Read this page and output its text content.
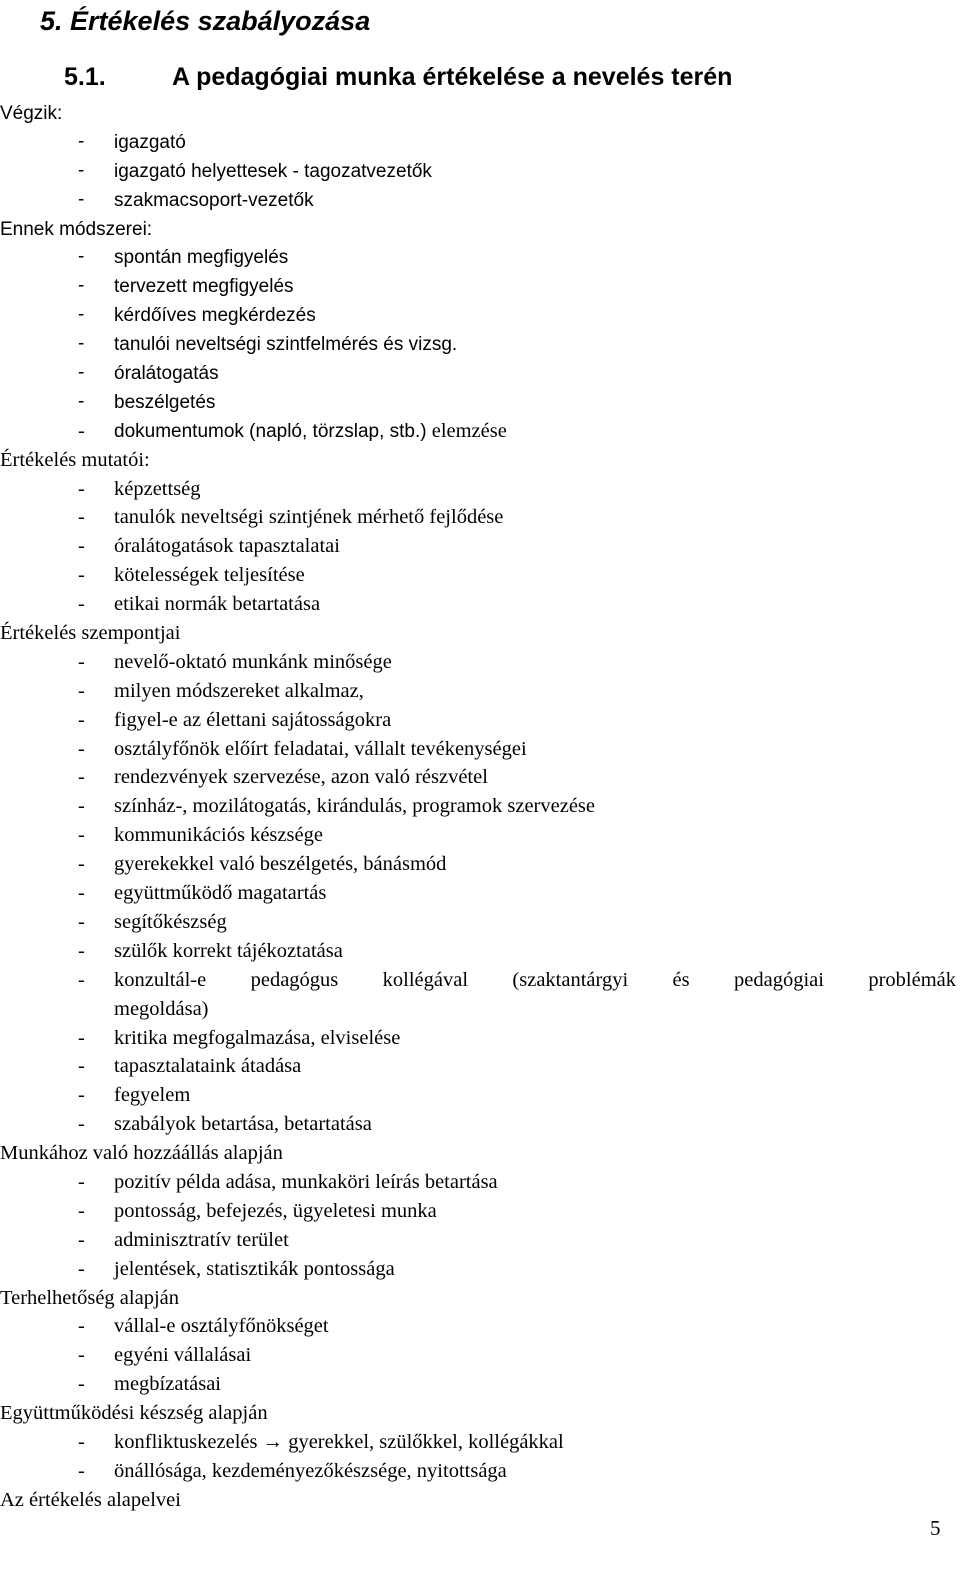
5. Értékelés szabályozása
5.1.	A pedagógiai munka értékelése a nevelés terén
Végzik:
- igazgató
- igazgató helyettesek - tagozatvezetők
- szakmacsoport-vezetők
Ennek módszerei:
- spontán megfigyelés
- tervezett megfigyelés
- kérdőíves megkérdezés
- tanulói neveltségi szintfelmérés és vizsg.
- óralátogatás
- beszélgetés
- dokumentumok (napló, törzslap, stb.) elemzése
Értékelés mutatói:
- képzettség
- tanulók neveltségi szintjének mérhető fejlődése
- óralátogatások tapasztalatai
- kötelességek teljesítése
- etikai normák betartatása
Értékelés szempontjai
- nevelő-oktató munkánk minősége
- milyen módszereket alkalmaz,
- figyel-e az élettani sajátosságokra
- osztályfőnök előírt feladatai, vállalt tevékenységei
- rendezvények szervezése, azon való részvétel
- színház-, mozilátogatás, kirándulás, programok szervezése
- kommunikációs készsége
- gyerekekkel való beszélgetés, bánásmód
- együttműködő magatartás
- segítőkészség
- szülők korrekt tájékoztatása
- konzultál-e pedagógus kollégával (szaktantárgyi és pedagógiai problémák
megoldása)
- kritika megfogalmazása, elviselése
- tapasztalataink átadása
- fegyelem
- szabályok betartása, betartatása
Munkához való hozzáállás alapján
- pozitív példa adása, munkaköri leírás betartása
- pontosság, befejezés, ügyeletesi munka
- adminisztratív terület
- jelentések, statisztikák pontossága
Terhelhetőség alapján
- vállal-e osztályfőnökséget
- egyéni vállalásai
- megbízatásai
Együttműködési készség alapján
- konfliktuskezelés → gyerekkel, szülőkkel, kollégákkal
- önállósága, kezdeményezőkészsége, nyitottsága
Az értékelés alapelvei
5
